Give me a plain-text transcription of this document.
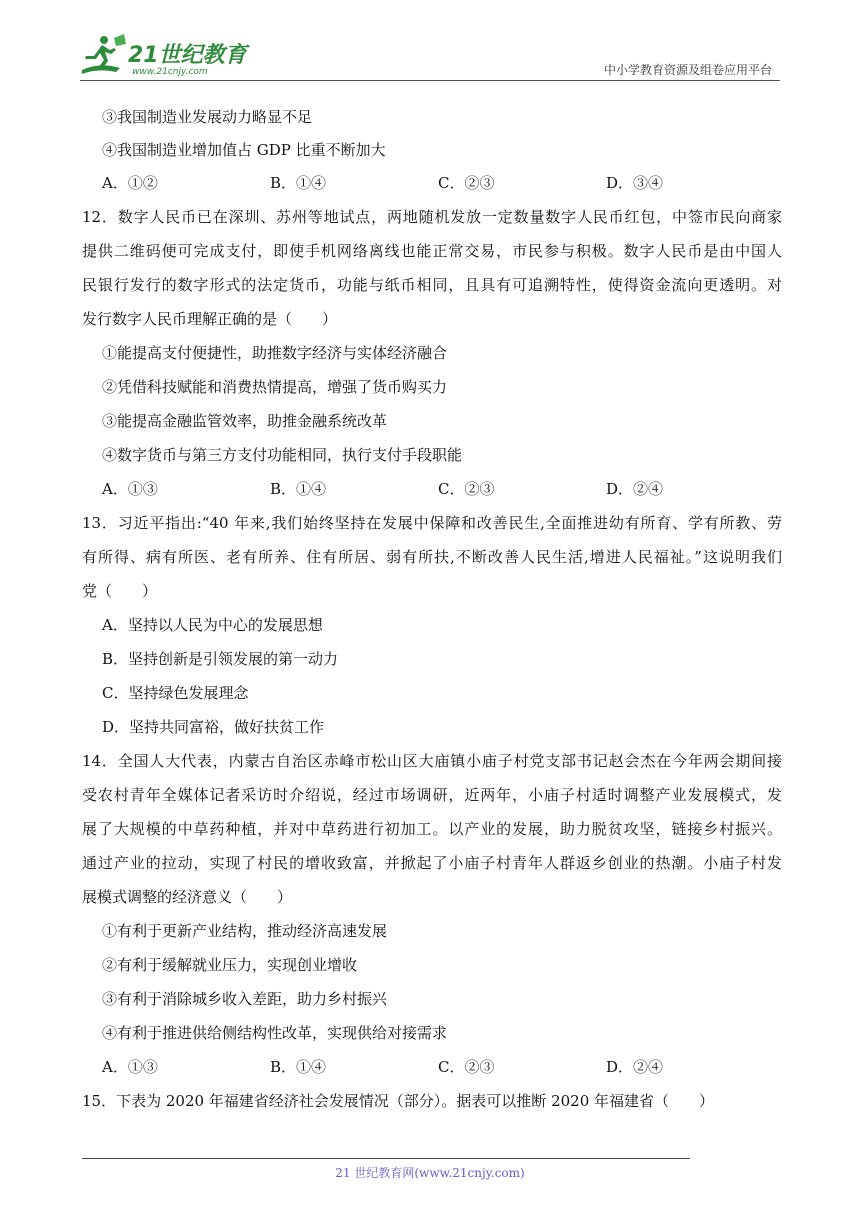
21世纪教育
www.21cnjy.com	中小学教育资源及组卷应用平台
③我国制造业发展动力略显不足
④我国制造业增加值占 GDP 比重不断加大
A．①②	B．①④	C．②③	D．③④
12．数字人民币已在深圳、苏州等地试点，两地随机发放一定数量数字人民币红包，中签市民向商家
提供二维码便可完成支付，即使手机网络离线也能正常交易，市民参与积极。数字人民币是由中国人
民银行发行的数字形式的法定货币，功能与纸币相同，且具有可追溯特性，使得资金流向更透明。对
发行数字人民币理解正确的是（　　）
①能提高支付便捷性，助推数字经济与实体经济融合
②凭借科技赋能和消费热情提高，增强了货币购买力
③能提高金融监管效率，助推金融系统改革
④数字货币与第三方支付功能相同，执行支付手段职能
A．①③	B．①④	C．②③	D．②④
13．习近平指出:“40 年来,我们始终坚持在发展中保障和改善民生,全面推进幼有所育、学有所教、劳
有所得、病有所医、老有所养、住有所居、弱有所扶,不断改善人民生活,增进人民福祉。”这说明我们
党（　　）
A．坚持以人民为中心的发展思想
B．坚持创新是引领发展的第一动力
C．坚持绿色发展理念
D．坚持共同富裕，做好扶贫工作
14．全国人大代表，内蒙古自治区赤峰市松山区大庙镇小庙子村党支部书记赵会杰在今年两会期间接
受农村青年全媒体记者采访时介绍说，经过市场调研，近两年，小庙子村适时调整产业发展模式，发
展了大规模的中草药种植，并对中草药进行初加工。以产业的发展，助力脱贫攻坚，链接乡村振兴。
通过产业的拉动，实现了村民的增收致富，并掀起了小庙子村青年人群返乡创业的热潮。小庙子村发
展模式调整的经济意义（　　）
①有利于更新产业结构，推动经济高速发展
②有利于缓解就业压力，实现创业增收
③有利于消除城乡收入差距，助力乡村振兴
④有利于推进供给侧结构性改革，实现供给对接需求
A．①③	B．①④	C．②③	D．②④
15．下表为 2020 年福建省经济社会发展情况（部分）。据表可以推断 2020 年福建省（　　）
21 世纪教育网(www.21cnjy.com)
